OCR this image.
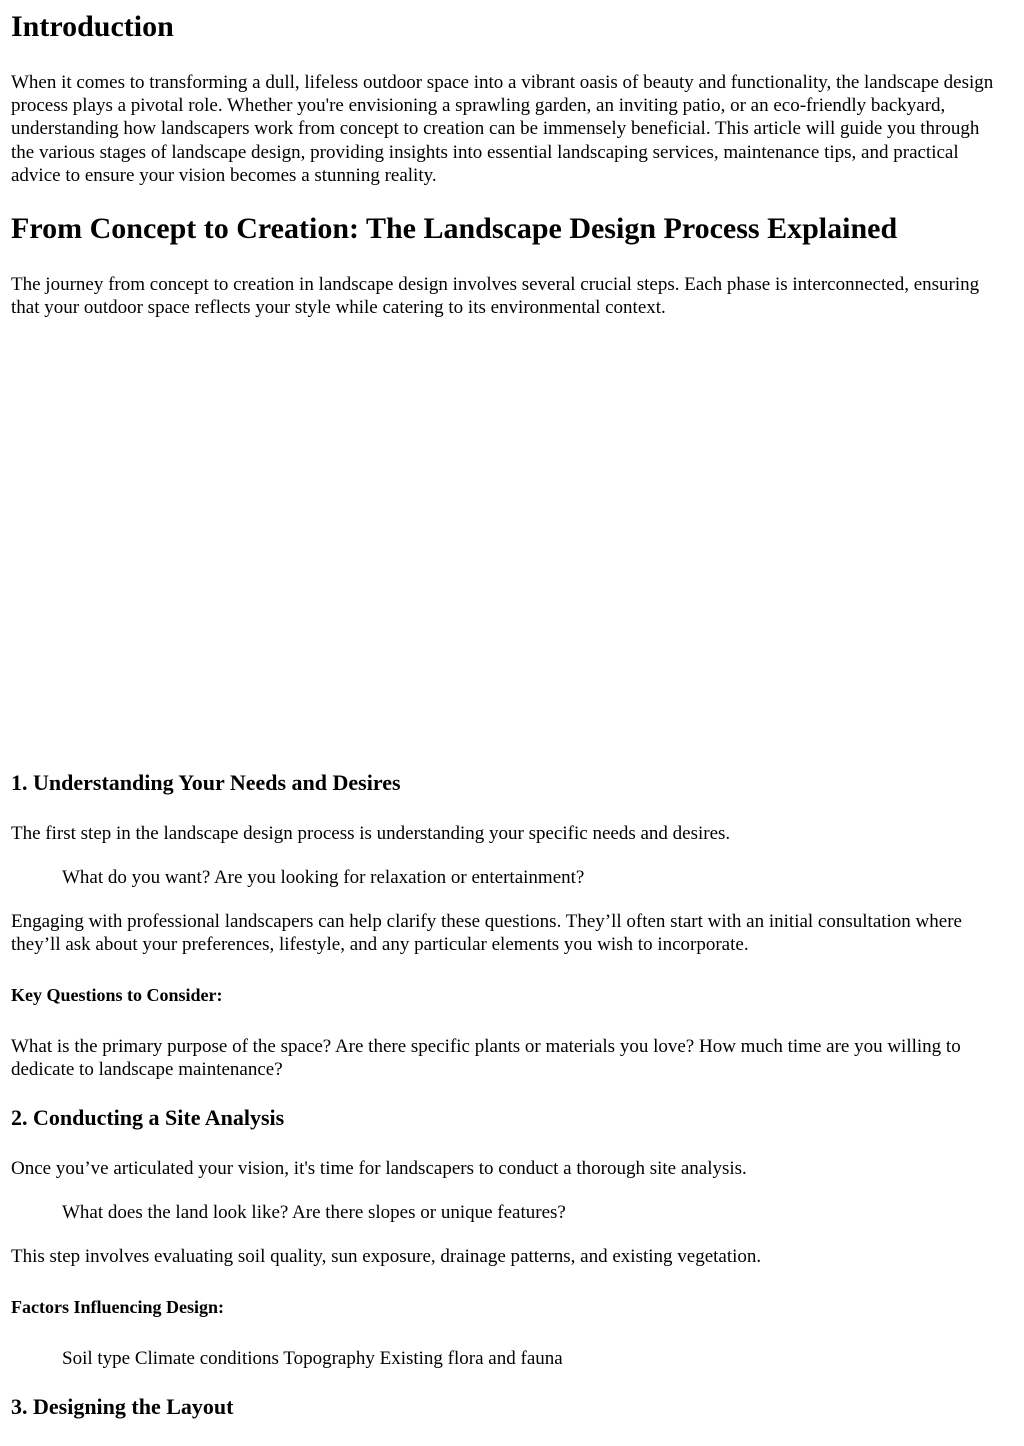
Introduction

When it comes to transforming a dull, lifeless outdoor space into a vibrant oasis of beauty and functionality, the landscape design process plays a pivotal role. Whether you're envisioning a sprawling garden, an inviting patio, or an eco-friendly backyard, understanding how landscapers work from concept to creation can be immensely beneficial. This article will guide you through the various stages of landscape design, providing insights into essential landscaping services, maintenance tips, and practical advice to ensure your vision becomes a stunning reality.

From Concept to Creation: The Landscape Design Process Explained

The journey from concept to creation in landscape design involves several crucial steps. Each phase is interconnected, ensuring that your outdoor space reflects your style while catering to its environmental context.

1. Understanding Your Needs and Desires

The first step in the landscape design process is understanding your specific needs and desires.

What do you want? Are you looking for relaxation or entertainment?

Engaging with professional landscapers can help clarify these questions. They’ll often start with an initial consultation where they’ll ask about your preferences, lifestyle, and any particular elements you wish to incorporate.

Key Questions to Consider:

What is the primary purpose of the space? Are there specific plants or materials you love? How much time are you willing to dedicate to landscape maintenance?

2. Conducting a Site Analysis

Once you’ve articulated your vision, it's time for landscapers to conduct a thorough site analysis.

What does the land look like? Are there slopes or unique features?

This step involves evaluating soil quality, sun exposure, drainage patterns, and existing vegetation.

Factors Influencing Design:

Soil type Climate conditions Topography Existing flora and fauna

3. Designing the Layout
